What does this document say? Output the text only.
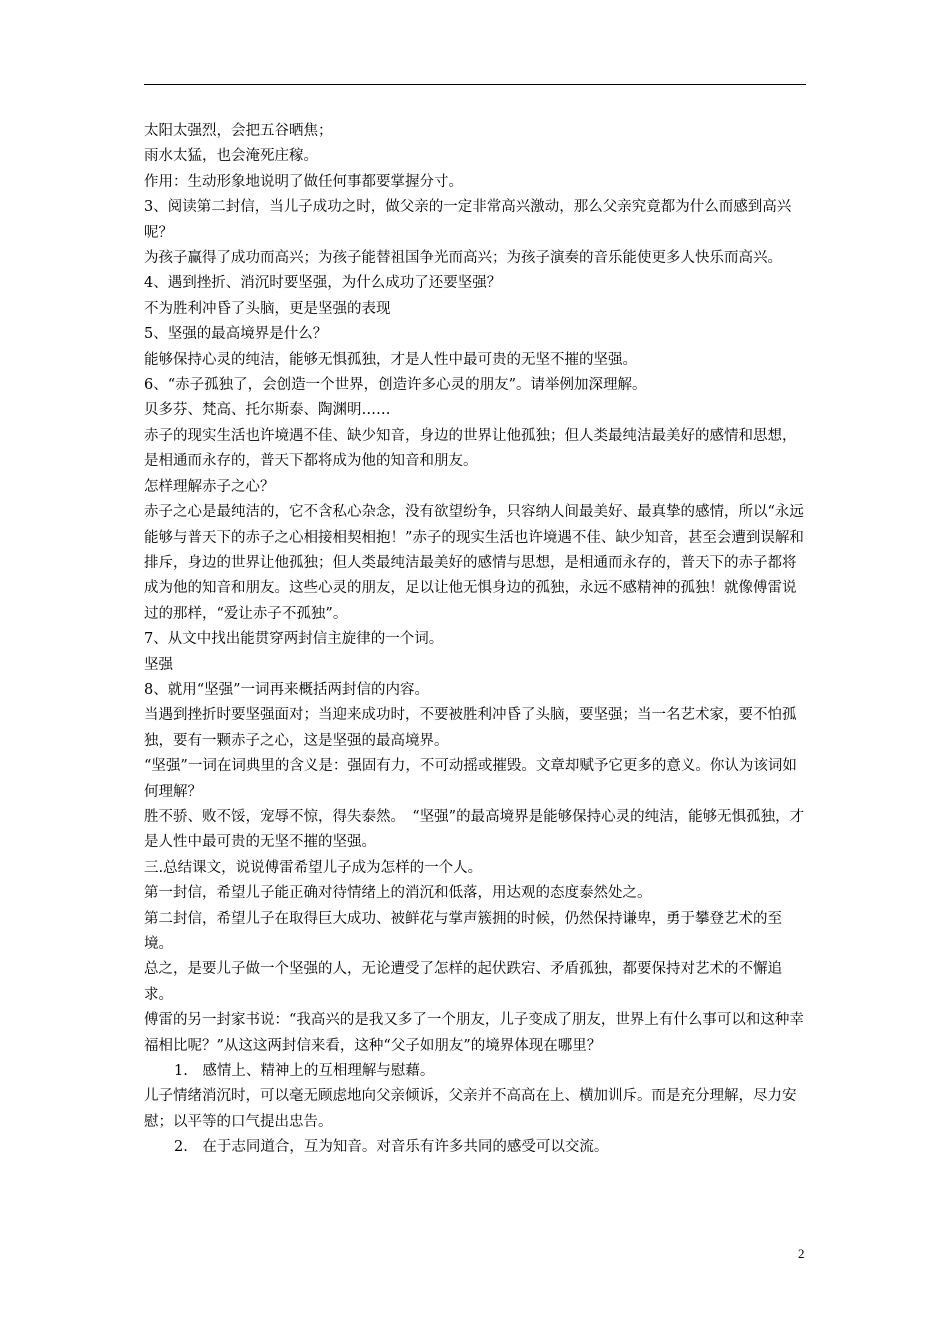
太阳太强烈，会把五谷晒焦；

雨水太猛，也会淹死庄稼。

作用：生动形象地说明了做任何事都要掌握分寸。

3、阅读第二封信，当儿子成功之时，做父亲的一定非常高兴激动，那么父亲究竟都为什么而感到高兴呢？

为孩子赢得了成功而高兴；为孩子能替祖国争光而高兴；为孩子演奏的音乐能使更多人快乐而高兴。

4、遇到挫折、消沉时要坚强，为什么成功了还要坚强？

不为胜利冲昏了头脑，更是坚强的表现

5、坚强的最高境界是什么？

能够保持心灵的纯洁，能够无惧孤独，才是人性中最可贵的无坚不摧的坚强。

6、“赤子孤独了，会创造一个世界，创造许多心灵的朋友”。请举例加深理解。

贝多芬、梵高、托尔斯泰、陶渊明……

赤子的现实生活也许境遇不佳、缺少知音，身边的世界让他孤独；但人类最纯洁最美好的感情和思想，是相通而永存的，普天下都将成为他的知音和朋友。

怎样理解赤子之心？

赤子之心是最纯洁的，它不含私心杂念，没有欲望纷争，只容纳人间最美好、最真挚的感情，所以“永远能够与普天下的赤子之心相接相契相抱！”赤子的现实生活也许境遇不佳、缺少知音，甚至会遭到误解和排斥，身边的世界让他孤独；但人类最纯洁最美好的感情与思想，是相通而永存的，普天下的赤子都将成为他的知音和朋友。这些心灵的朋友，足以让他无惧身边的孤独，永远不感精神的孤独！就像傅雷说过的那样，“爱让赤子不孤独”。

7、从文中找出能贯穿两封信主旋律的一个词。

坚强

8、就用“坚强”一词再来概括两封信的内容。

当遇到挫折时要坚强面对；当迎来成功时，不要被胜利冲昏了头脑，要坚强；当一名艺术家，要不怕孤独，要有一颗赤子之心，这是坚强的最高境界。

“坚强”一词在词典里的含义是：强固有力，不可动摇或摧毁。文章却赋予它更多的意义。你认为该词如何理解？

胜不骄、败不馁，宠辱不惊，得失泰然。　“坚强”的最高境界是能够保持心灵的纯洁，能够无惧孤独，才是人性中最可贵的无坚不摧的坚强。

三.总结课文，说说傅雷希望儿子成为怎样的一个人。

第一封信，希望儿子能正确对待情绪上的消沉和低落，用达观的态度泰然处之。

第二封信，希望儿子在取得巨大成功、被鲜花与掌声簇拥的时候，仍然保持谦卑，勇于攀登艺术的至境。

总之，是要儿子做一个坚强的人，无论遭受了怎样的起伏跌宕、矛盾孤独，都要保持对艺术的不懈追求。

傅雷的另一封家书说：“我高兴的是我又多了一个朋友，儿子变成了朋友，世界上有什么事可以和这种幸福相比呢？”从这这两封信来看，这种“父子如朋友”的境界体现在哪里？

1.　感情上、精神上的互相理解与慰藉。

儿子情绪消沉时，可以毫无顾虑地向父亲倾诉，父亲并不高高在上、横加训斥。而是充分理解，尽力安慰；以平等的口气提出忠告。

2.　在于志同道合，互为知音。对音乐有许多共同的感受可以交流。

2
